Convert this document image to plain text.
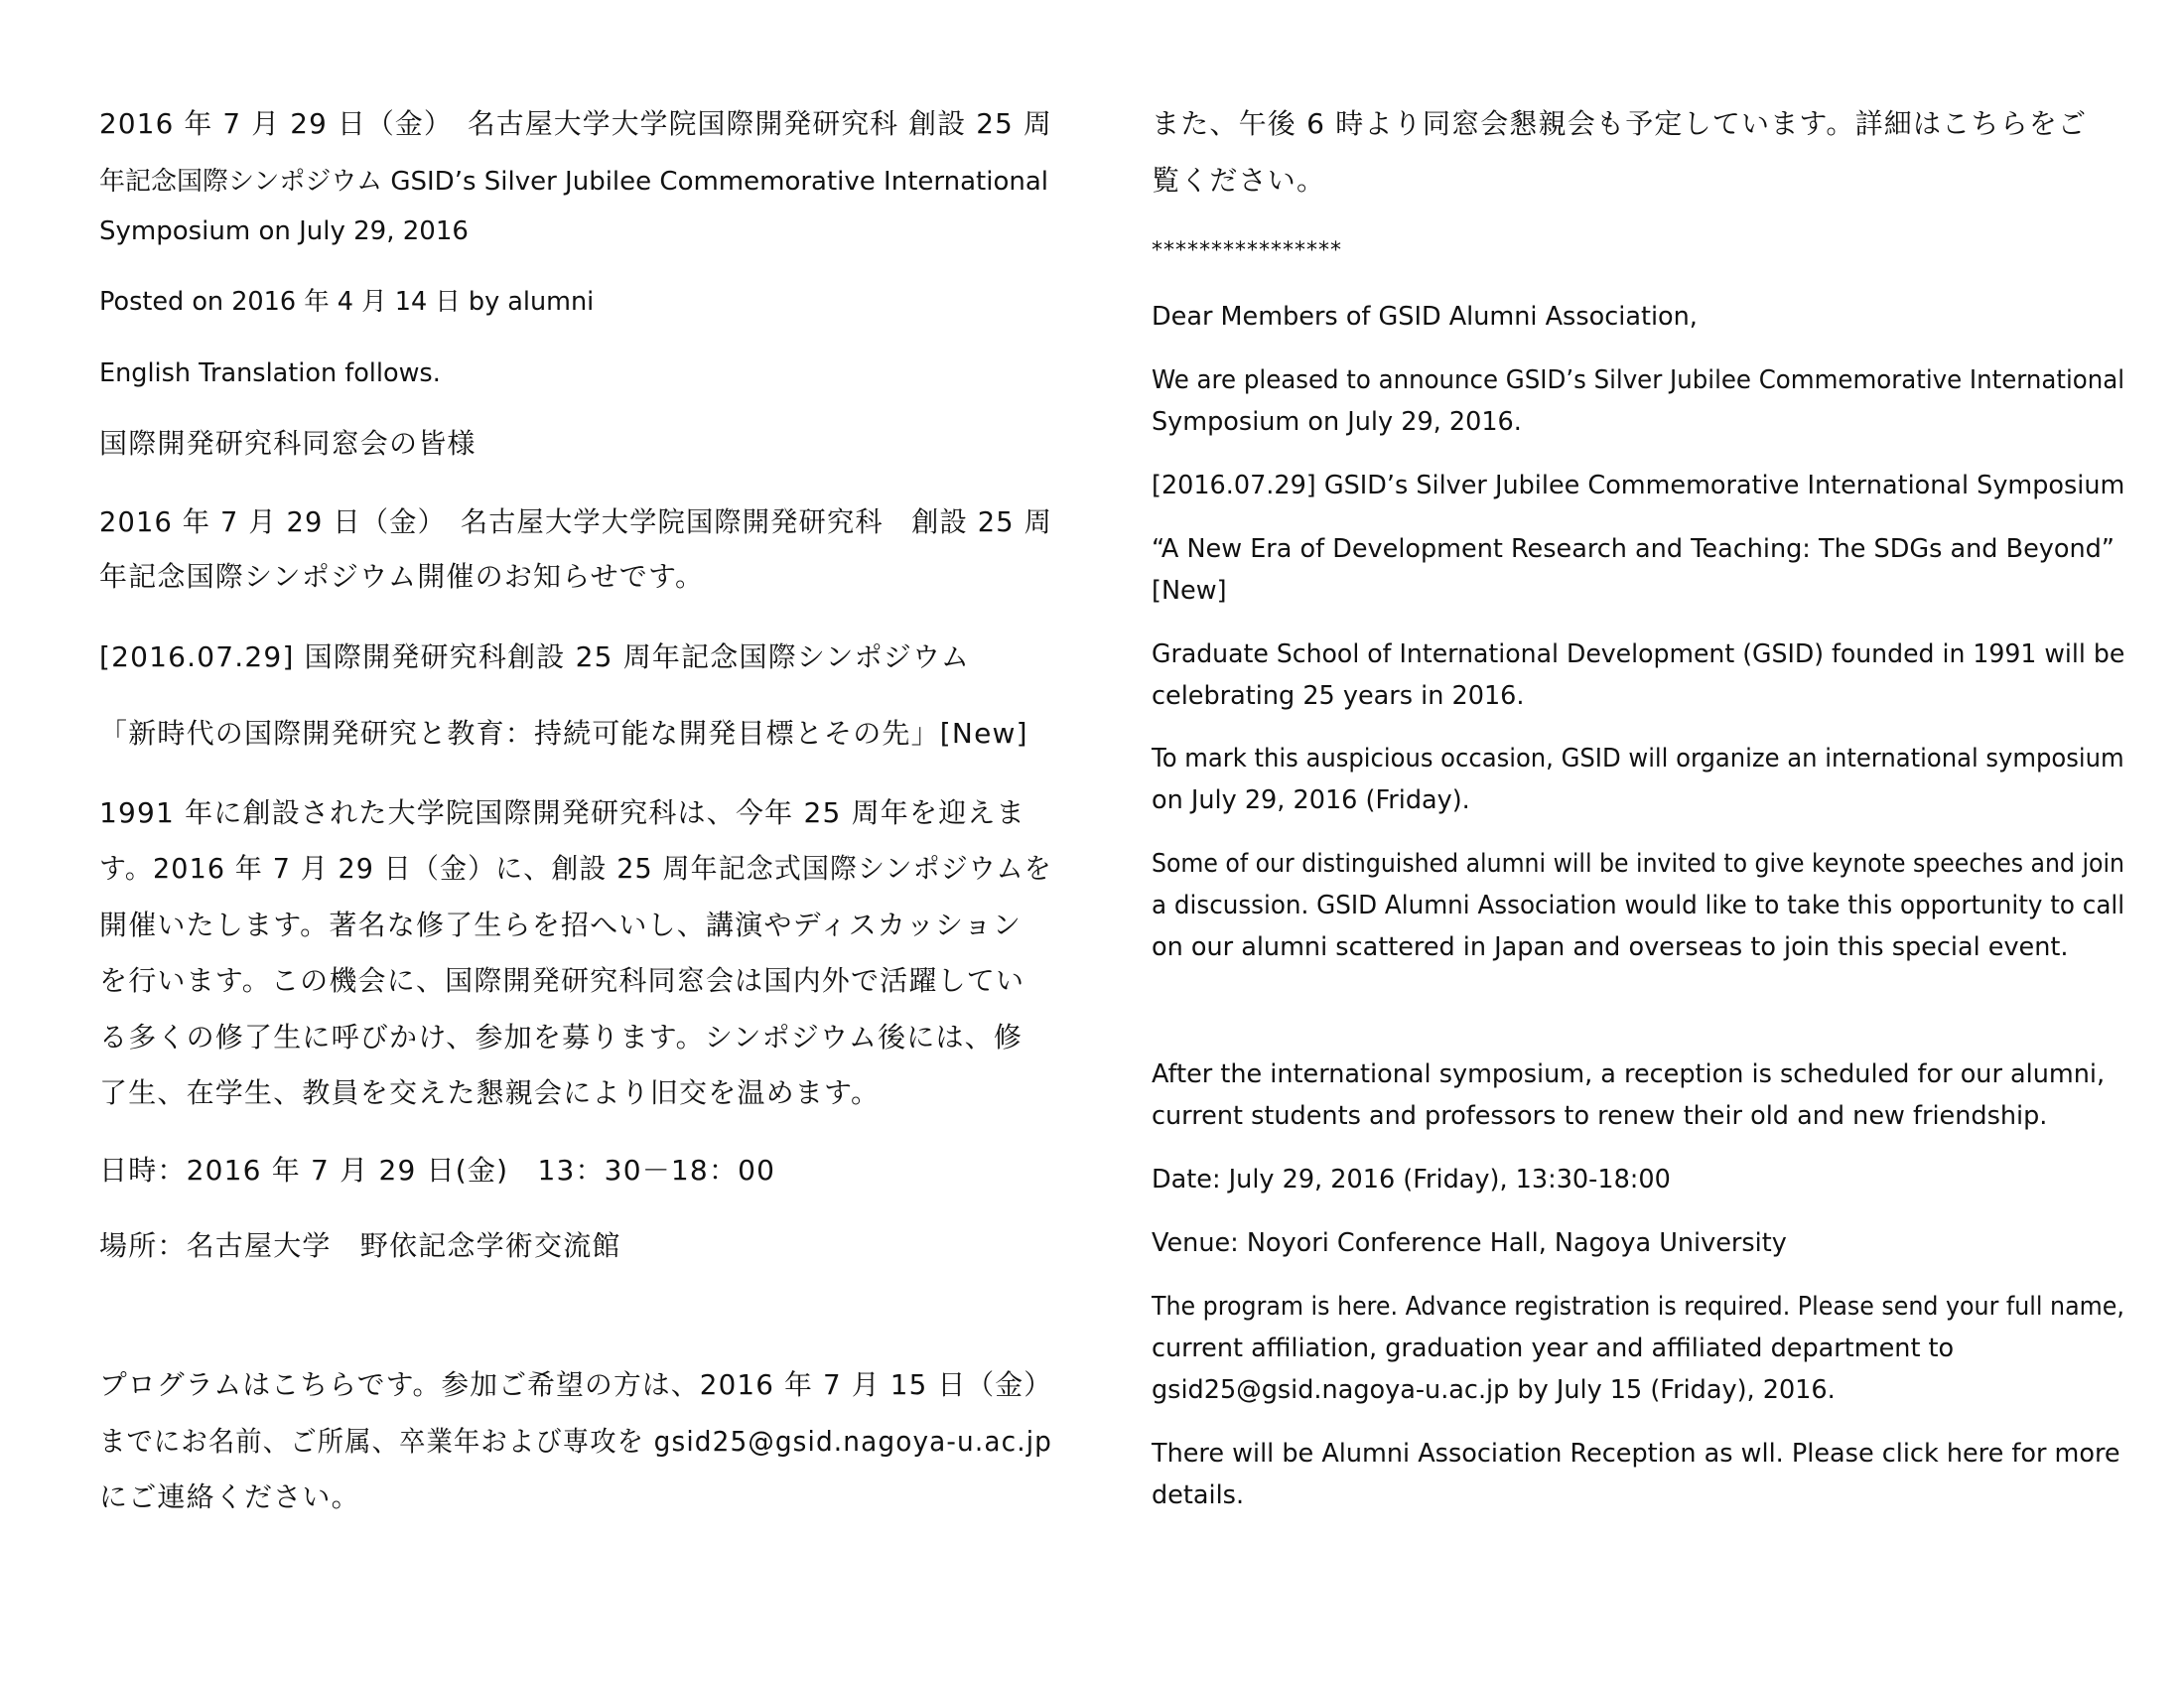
2016 年 7 月 29 日（金）　名古屋大学大学院国際開発研究科 創設 25 周

年記念国際シンポジウム GSID’s Silver Jubilee Commemorative International

Symposium on July 29, 2016

Posted on 2016 年 4 月 14 日 by alumni

English Translation follows.

国際開発研究科同窓会の皆様

2016 年 7 月 29 日（金）　名古屋大学大学院国際開発研究科　創設 25 周

年記念国際シンポジウム開催のお知らせです。

[2016.07.29] 国際開発研究科創設 25 周年記念国際シンポジウム

「新時代の国際開発研究と教育：持続可能な開発目標とその先」[New]

1991 年に創設された大学院国際開発研究科は、今年 25 周年を迎えま

す。2016 年 7 月 29 日（金）に、創設 25 周年記念式国際シンポジウムを

開催いたします。著名な修了生らを招へいし、講演やディスカッション

を行います。この機会に、国際開発研究科同窓会は国内外で活躍してい

る多くの修了生に呼びかけ、参加を募ります。シンポジウム後には、修

了生、在学生、教員を交えた懇親会により旧交を温めます。

日時：2016 年 7 月 29 日(金)　13：30－18：00

場所：名古屋大学　野依記念学術交流館

プログラムはこちらです。参加ご希望の方は、2016 年 7 月 15 日（金）

までにお名前、ご所属、卒業年および専攻を gsid25@gsid.nagoya-u.ac.jp

にご連絡ください。

また、午後 6 時より同窓会懇親会も予定しています。詳細はこちらをご

覧ください。

****************

Dear Members of GSID Alumni Association,

We are pleased to announce GSID’s Silver Jubilee Commemorative International

Symposium on July 29, 2016.

[2016.07.29] GSID’s Silver Jubilee Commemorative International Symposium

“A New Era of Development Research and Teaching: The SDGs and Beyond”

[New]

Graduate School of International Development (GSID) founded in 1991 will be

celebrating 25 years in 2016.

To mark this auspicious occasion, GSID will organize an international symposium

on July 29, 2016 (Friday).

Some of our distinguished alumni will be invited to give keynote speeches and join

a discussion. GSID Alumni Association would like to take this opportunity to call

on our alumni scattered in Japan and overseas to join this special event.

After the international symposium, a reception is scheduled for our alumni,

current students and professors to renew their old and new friendship.

Date: July 29, 2016 (Friday), 13:30-18:00

Venue: Noyori Conference Hall, Nagoya University

The program is here. Advance registration is required. Please send your full name,

current affiliation, graduation year and affiliated department to

gsid25@gsid.nagoya-u.ac.jp by July 15 (Friday), 2016.

There will be Alumni Association Reception as wll. Please click here for more

details.
